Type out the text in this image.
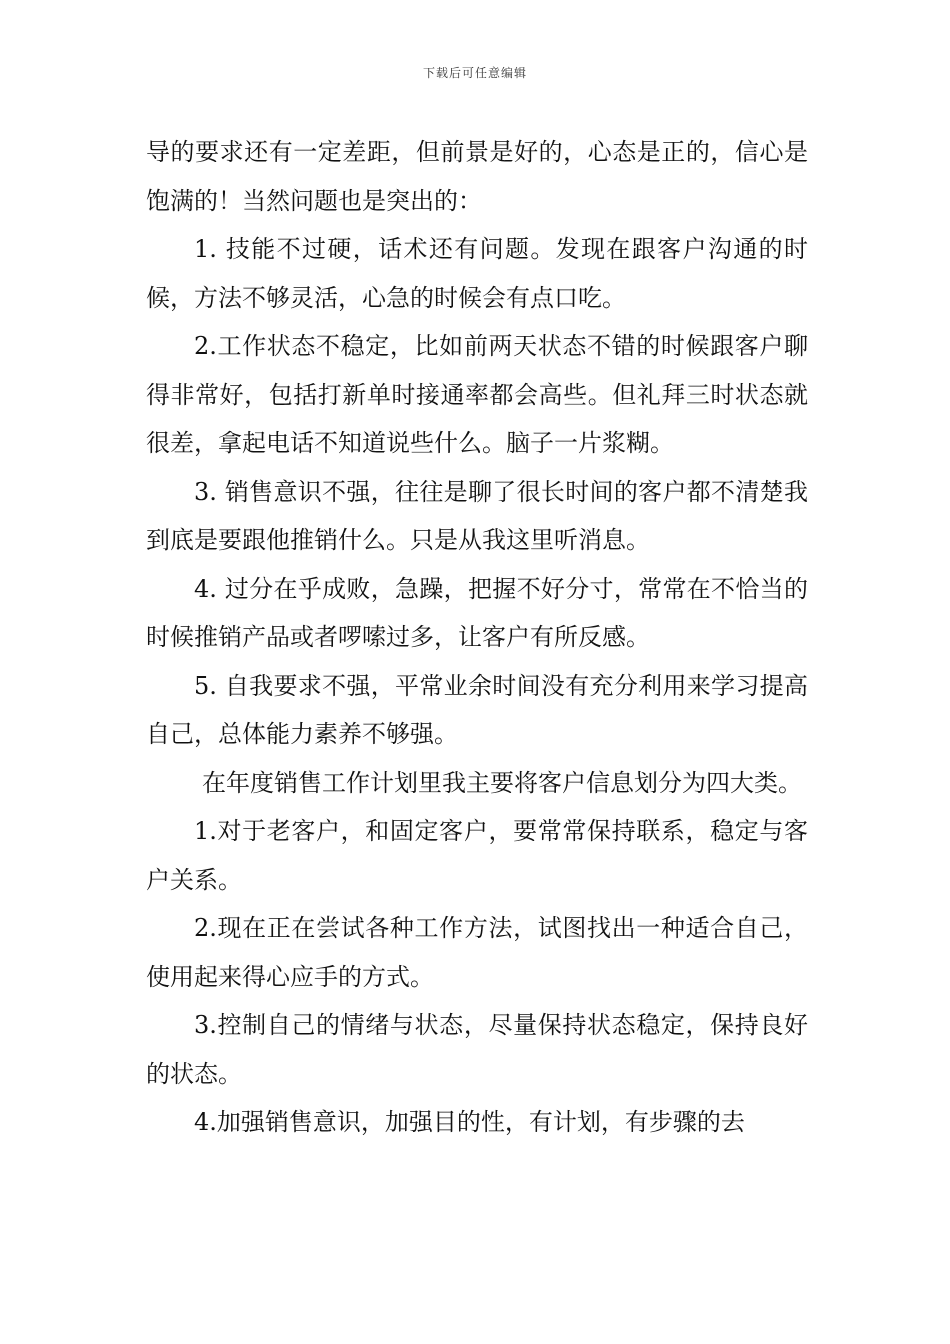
下载后可任意编辑

导的要求还有一定差距，但前景是好的，心态是正的，信心是饱满的！当然问题也是突出的：

1. 技能不过硬，话术还有问题。发现在跟客户沟通的时候，方法不够灵活，心急的时候会有点口吃。

2.工作状态不稳定，比如前两天状态不错的时候跟客户聊得非常好，包括打新单时接通率都会高些。但礼拜三时状态就很差，拿起电话不知道说些什么。脑子一片浆糊。

3. 销售意识不强，往往是聊了很长时间的客户都不清楚我到底是要跟他推销什么。只是从我这里听消息。

4. 过分在乎成败，急躁，把握不好分寸，常常在不恰当的时候推销产品或者啰嗦过多，让客户有所反感。

5. 自我要求不强，平常业余时间没有充分利用来学习提高自己，总体能力素养不够强。

在年度销售工作计划里我主要将客户信息划分为四大类。

1.对于老客户，和固定客户，要常常保持联系，稳定与客户关系。

2.现在正在尝试各种工作方法，试图找出一种适合自己，使用起来得心应手的方式。

3.控制自己的情绪与状态，尽量保持状态稳定，保持良好的状态。

4.加强销售意识，加强目的性，有计划，有步骤的去
